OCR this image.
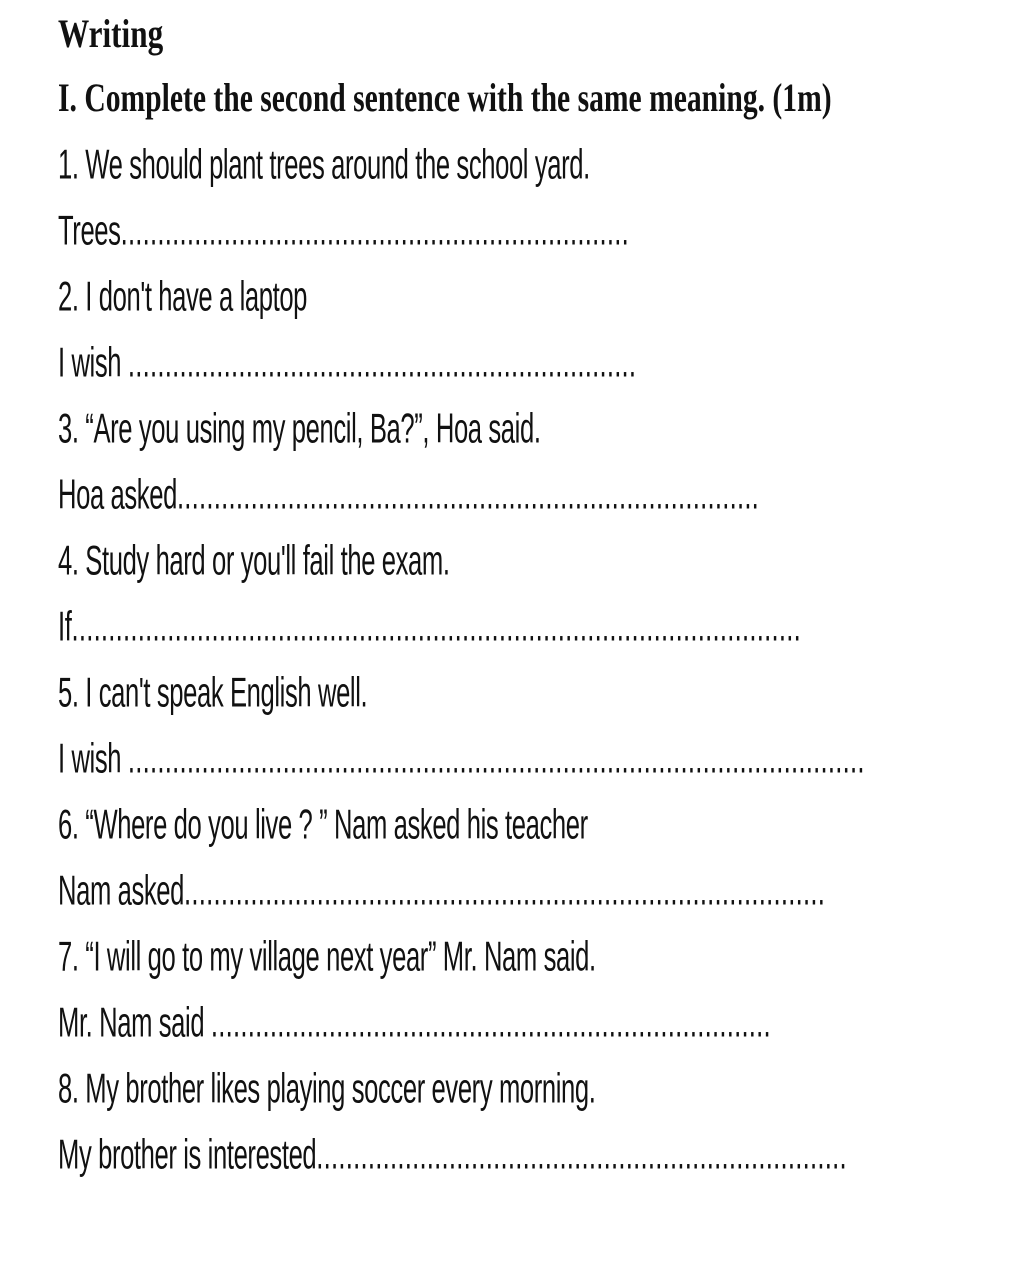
Writing
I. Complete the second sentence with the same meaning. (1m)
1. We should plant trees around the school yard.
Trees.....................................................................
2. I don't have a laptop
I wish .....................................................................
3. “Are you using my pencil, Ba?”, Hoa said.
Hoa asked...............................................................................
4. Study hard or you'll fail the exam.
If...................................................................................................
5. I can't speak English well.
I wish ....................................................................................................
6. “Where do you live ? ” Nam asked his teacher
Nam asked.......................................................................................
7. “I will go to my village next year” Mr. Nam said.
Mr. Nam said ............................................................................
8. My brother likes playing soccer every morning.
My brother is interested........................................................................
